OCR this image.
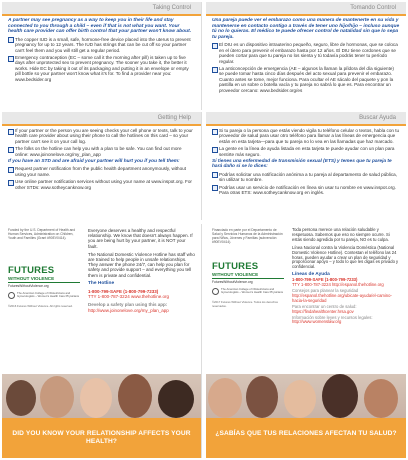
Taking Control

A partner may see pregnancy as a way to keep you in their life and stay connected to you through a child – even if that is not what you want. Your health care provider can offer birth control that your partner won't know about.

The copper IUD is a small, safe, hormone-free device placed into the uterus to prevent pregnancy for up to 12 years. The IUD has strings that can be cut off so your partner can't feel them and you will still get a regular period.
Emergency contraception (EC – some call it the morning after pill) is taken up to five days after unprotected sex to prevent pregnancy. The sooner you take it, the better it works. Hide EC by taking it out of its packaging and putting it in an envelope or empty pill bottle so your partner won't know what it's for. To find a provider near you: www.bedsider.org
Tomando Control

Una pareja puede ver el embarazo como una manera de mantenerte en su vida y mantenerse en contacto contigo a través de tener uno hijo/hijo – incluso aunque tú no lo quieras. El médico te puede ofrecer control de natalidad sin que lo sepa tu pareja.

El DIU es un dispositivo intrauterino pequeño, seguro, libre de hormonas, que se coloca en el útero para prevenir el embarazo hasta por 12 años. El DIU tiene cordones que se pueden cortar para que tu pareja no los sienta y tú todavía podrás tener tu período regular.
La anticoncepción de emergencia (AE – algunos la llaman la píldora del día siguiente) se puede tomar hasta cinco días después del acto sexual para prevenir el embarazo. Cuanto antes se tome, mejor funciona. Para ocultar el AE sácalo del paquete y pon la pastilla en un sobre o botella vacía y tu pareja no sabrá lo que es. Para encontrar un proveedor cercano: www.bedsider.org/es
Getting Help
If your partner or the person you are seeing checks your cell phone or texts, talk to your health care provider about using their phone to call the hotlines on this card – so your partner can't see it on your call log.
The folks on the hotline can help you with a plan to be safe. You can find out more online: www.joinonelove.org/my_plan_app

If you have an STD and are afraid your partner will hurt you if you tell them:

Request partner notification from the public health department anonymously, without using your name.
Use online partner notification services without using your name at www.inspot.org. For other STDs: www.sotheycanknow.org
Buscar Ayuda
Si tu pareja o la persona que estás viendo vigila tu teléfono celular o textos, habla con tu proveedor de salud para usar otro teléfono para llamar a las líneas de emergencia que están en esta tarjeta—para que tu pareja no lo vea en las llamadas que haz marcado.
La gente en la línea de ayuda listada en esta tarjeta te puede ayudar con un plan para sentirte más seguro.

Si tienes una enfermedad de transmisión sexual (ETS) y temes que tu pareja te hará daño si se lo dices:

Podrías solicitar una notificación anónima a tu pareja al departamento de salud pública, sin utilizar tu nombre.
Podrías usar un servicio de notificación en línea sin usar tu nombre en www.inspot.org. Para otras ETS: www.sotheycanknow.org en inglés.

Funded by the U.S. Department of Health and Human Services, Administration on Children, Youth and Families (Grant #90EV0414).

FUTURES
WITHOUT VIOLENCE
FuturesWithoutViolence.org
The American College of Obstetricians and Gynecologists – Women's Health Care Physicians

©2016 Futures Without Violence. All rights reserved.

Everyone deserves a healthy and respectful relationship. We know that doesn't always happen. If you are being hurt by your partner, it is NOT your fault.

The National Domestic Violence Hotline has staff who are trained to help people in unsafe relationships. They answer the phone 24/7, can help you plan for safety and provide support – and everything you tell them is private and confidential.

The Hotline

1-800-799-SAFE (1-800-799-7233)

TTY 1-800-787-3224 www.thehotline.org

Develop a safety plan using this app:

http://www.joinonelove.org/my_plan_app

DID YOU KNOW YOUR RELATIONSHIP AFFECTS YOUR HEALTH?

Financiado en parte por el Departamento de Salud y Servicios Humanos de la Administración para Niños, Jóvenes y Familias (subvención #90EV0414).

FUTURES
WITHOUT VIOLENCE
FuturesWithoutViolence.org
The American College of Obstetricians and Gynecologists – Women's Health Care Physicians

©2017 Futures Without Violence. Todos los derechos reservados.

Toda persona merece una relación saludable y respetuosa. Sabemos que eso no siempre ocurre. Si estás siendo agredida por tu pareja, NO es tu culpa.

Línea Nacional contra la Violencia Doméstica (National Domestic Violence Hotline). Contestan el teléfono las 24 horas, pueden ayudar a crear un plan de seguridad y proporcionar apoyo – y todo lo que les digas es privado y confidencial.

Líneas de Ayuda

1-800-799-SAFE (1-800-799-7233)

TTY 1-800-787-3224 http://espanol.thehotline.org

Consejos para planear la seguridad

http://espanol.thehotline.org/ubicate-ayuda/el-camino-hacia-la-seguridad

Para encontrar un centro de salud:

https://findahealthcenter.hrsa.gov

Información sobre leyes y recursos legales:

http://www.womenslaw.org

¿SABÍAS QUE TUS RELACIONES AFECTAN TU SALUD?
